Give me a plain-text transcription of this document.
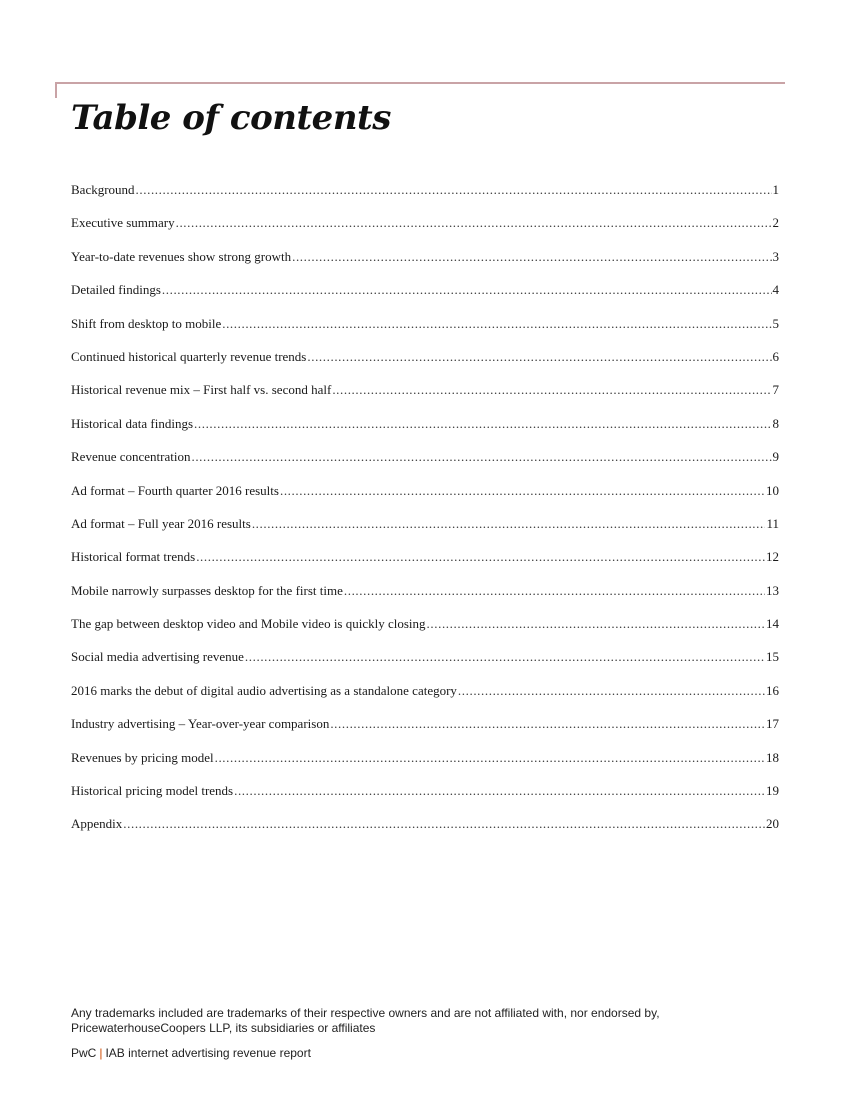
Table of contents
Background .....	1
Executive summary .....	2
Year-to-date revenues show strong growth .....	3
Detailed findings .....	4
Shift from desktop to mobile .....	5
Continued historical quarterly revenue trends .....	6
Historical revenue mix – First half vs. second half .....	7
Historical data findings .....	8
Revenue concentration .....	9
Ad format – Fourth quarter 2016 results .....	10
Ad format – Full year 2016 results .....	11
Historical format trends .....	12
Mobile narrowly surpasses desktop for the first time .....	13
The gap between desktop video and Mobile video is quickly closing .....	14
Social media advertising revenue .....	15
2016 marks the debut of digital audio advertising as a standalone category .....	16
Industry advertising – Year-over-year comparison .....	17
Revenues by pricing model .....	18
Historical pricing model trends .....	19
Appendix .....	20

Any trademarks included are trademarks of their respective owners and are not affiliated with, nor endorsed by, PricewaterhouseCoopers LLP, its subsidiaries or affiliates

PwC | IAB internet advertising revenue report
